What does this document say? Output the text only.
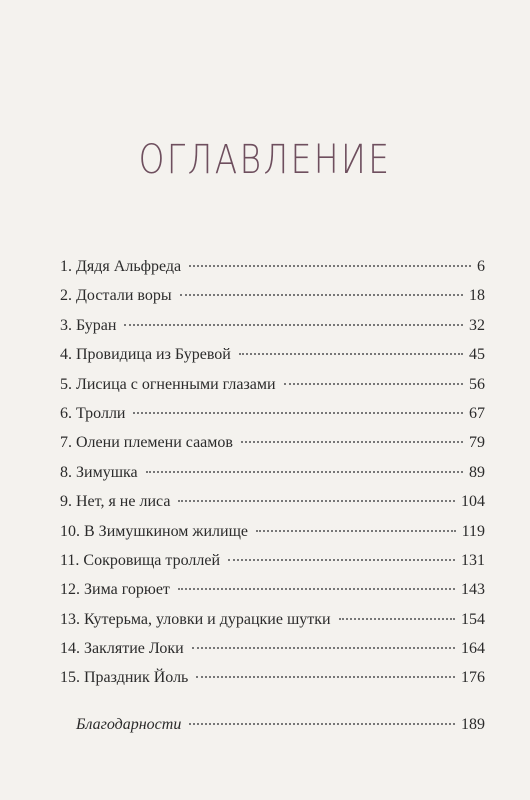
ОГЛАВЛЕНИЕ
1. Дядя Альфреда	6
2. Достали воры	18
3. Буран	32
4. Провидица из Буревой	45
5. Лисица с огненными глазами	56
6. Тролли	67
7. Олени племени саамов	79
8. Зимушка	89
9. Нет, я не лиса	104
10. В Зимушкином жилище	119
11. Сокровища троллей	131
12. Зима горюет	143
13. Кутерьма, уловки и дурацкие шутки	154
14. Заклятие Локи	164
15. Праздник Йоль	176
Благодарности	189
